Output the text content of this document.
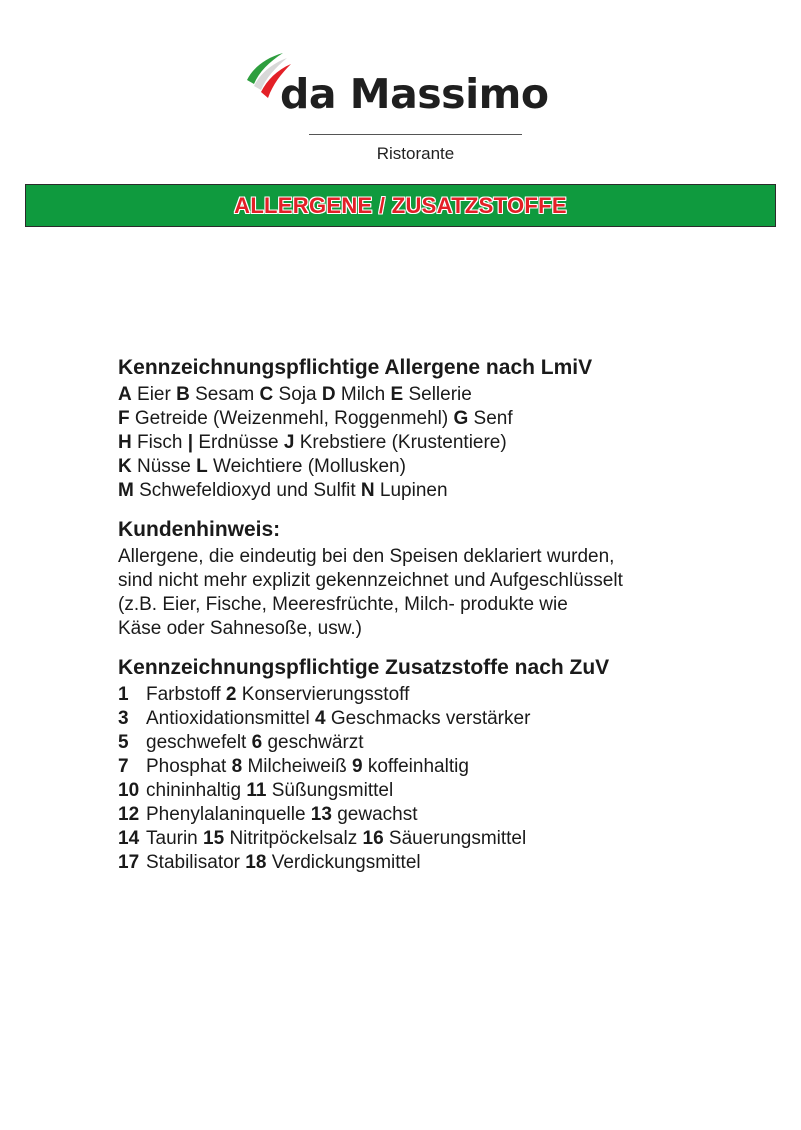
da Massimo
Ristorante
ALLERGENE / ZUSATZSTOFFE
Kennzeichnungspflichtige Allergene nach LmiV
A Eier B Sesam C Soja D Milch E Sellerie
F Getreide (Weizenmehl, Roggenmehl) G Senf
H Fisch | Erdnüsse J Krebstiere (Krustentiere)
K Nüsse L Weichtiere (Mollusken)
M Schwefeldioxyd und Sulfit N Lupinen
Kundenhinweis:
Allergene, die eindeutig bei den Speisen deklariert wurden,
sind nicht mehr explizit gekennzeichnet und Aufgeschlüsselt
(z.B. Eier, Fische, Meeresfrüchte, Milch- produkte wie
Käse oder Sahnesoße, usw.)
Kennzeichnungspflichtige Zusatzstoffe nach ZuV
1 Farbstoff 2 Konservierungsstoff
3 Antioxidationsmittel 4 Geschmacks verstärker
5 geschwefelt 6 geschwärzt
7 Phosphat 8 Milcheiweiß 9 koffeinhaltig
10 chininhaltig 11 Süßungsmittel
12 Phenylalaninquelle 13 gewachst
14 Taurin 15 Nitritpöckelsalz 16 Säuerungsmittel
17 Stabilisator 18 Verdickungsmittel
